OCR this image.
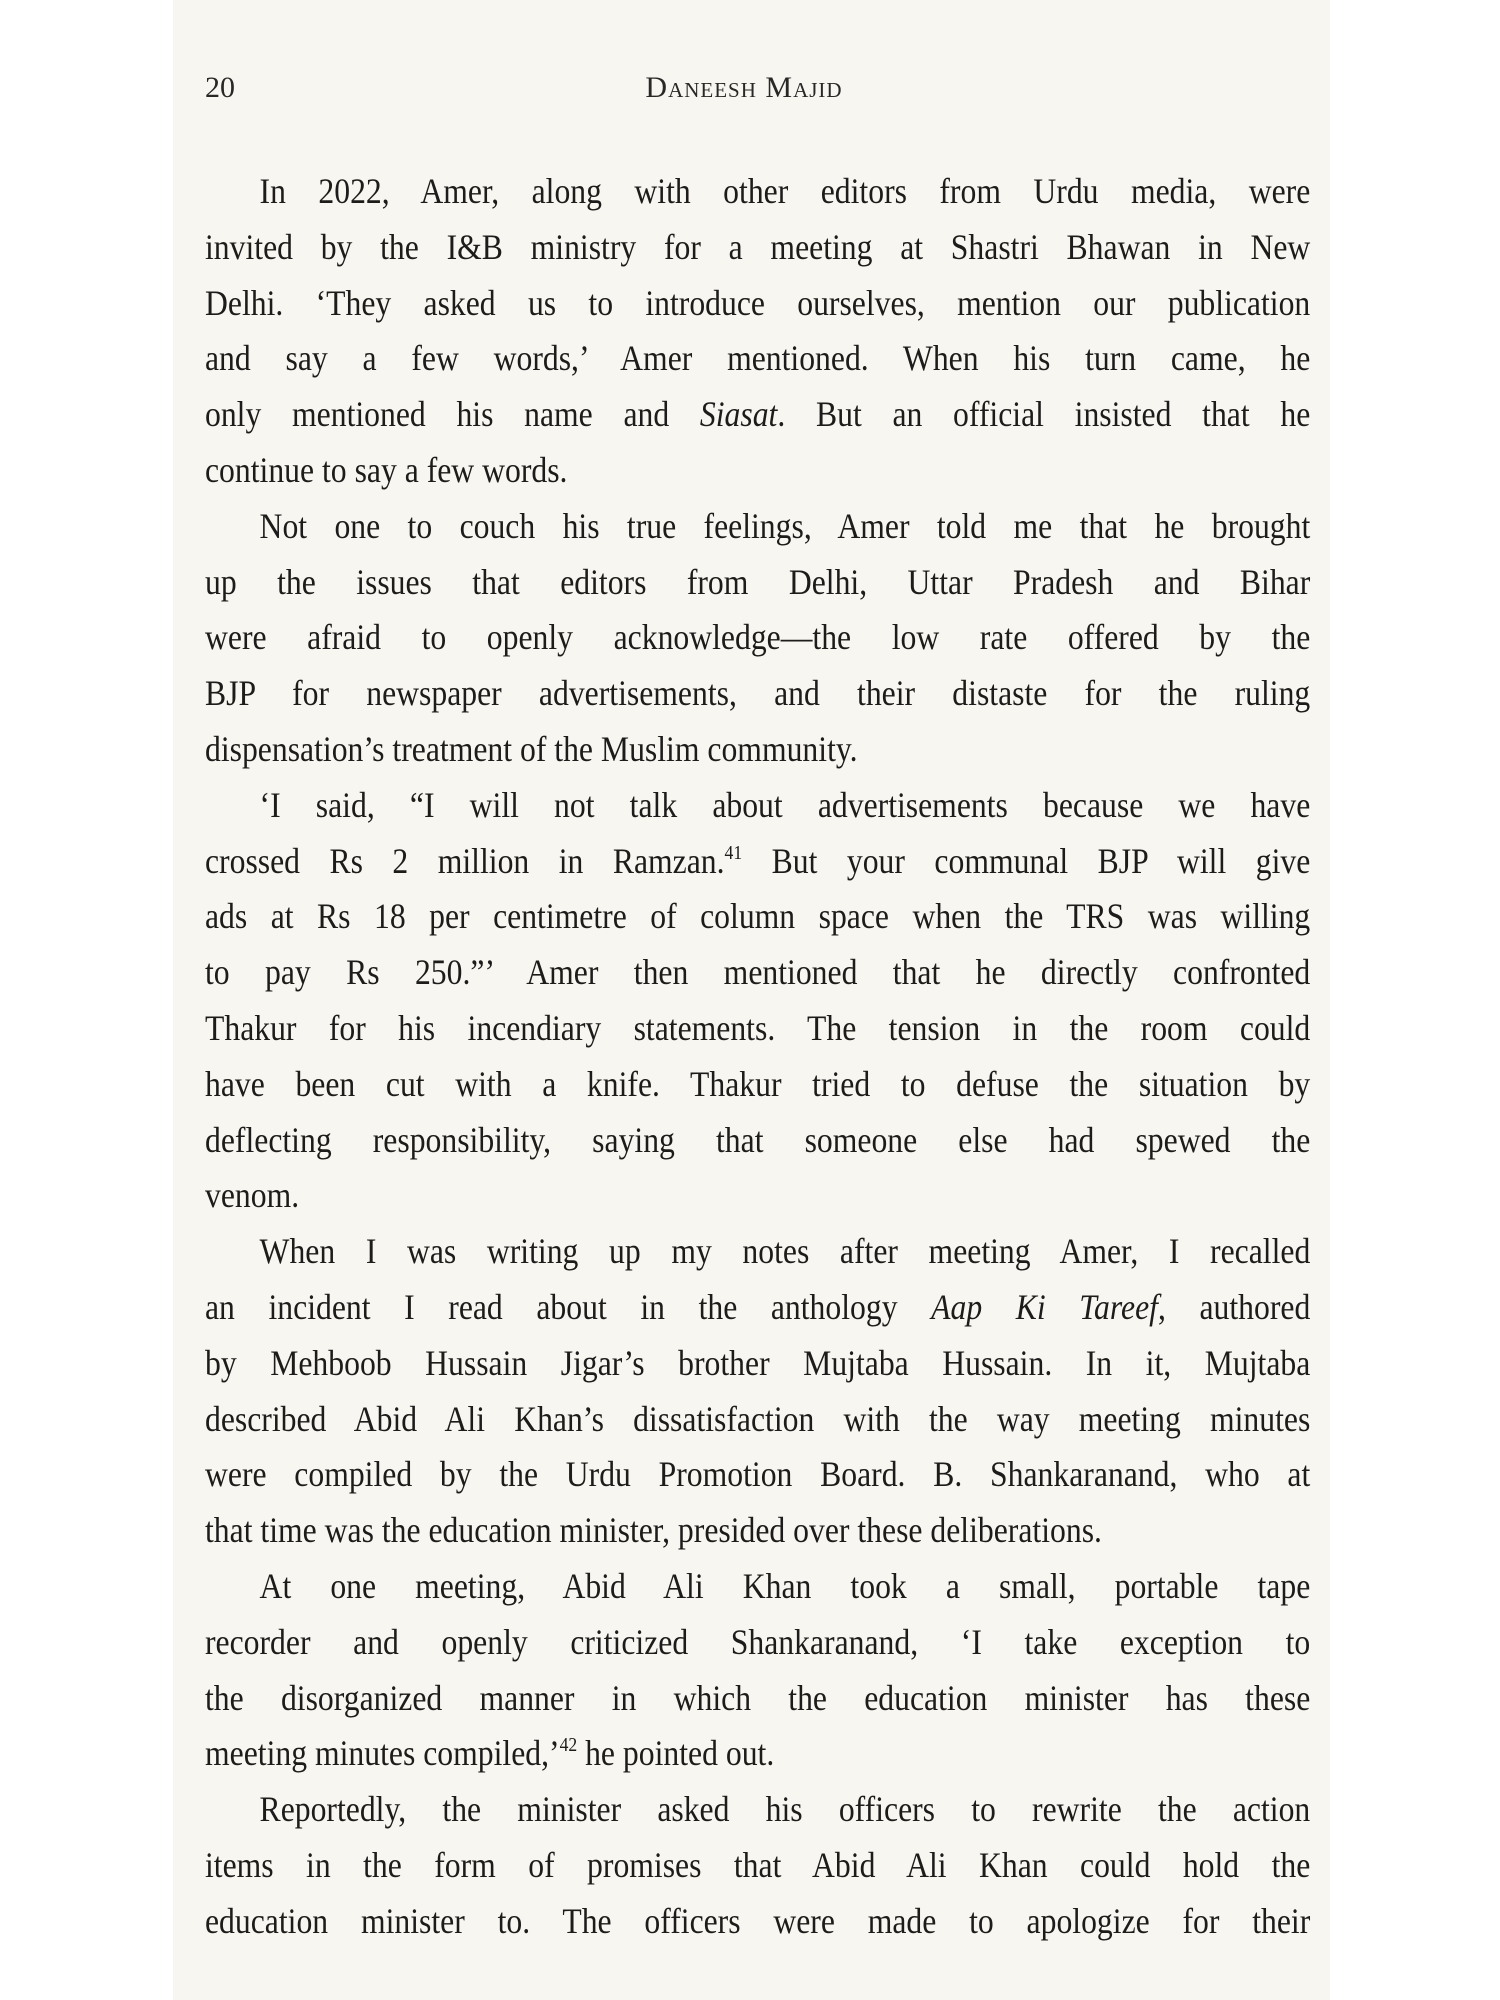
20	Daneesh Majid
In 2022, Amer, along with other editors from Urdu media, were
invited by the I&B ministry for a meeting at Shastri Bhawan in New
Delhi. ‘They asked us to introduce ourselves, mention our publication
and say a few words,’ Amer mentioned. When his turn came, he
only mentioned his name and Siasat. But an official insisted that he
continue to say a few words.
Not one to couch his true feelings, Amer told me that he brought
up the issues that editors from Delhi, Uttar Pradesh and Bihar
were afraid to openly acknowledge—the low rate offered by the
BJP for newspaper advertisements, and their distaste for the ruling
dispensation’s treatment of the Muslim community.
‘I said, “I will not talk about advertisements because we have
crossed Rs 2 million in Ramzan.$^{41}$ But your communal BJP will give
ads at Rs 18 per centimetre of column space when the TRS was willing
to pay Rs 250.”’ Amer then mentioned that he directly confronted
Thakur for his incendiary statements. The tension in the room could
have been cut with a knife. Thakur tried to defuse the situation by
deflecting responsibility, saying that someone else had spewed the
venom.
When I was writing up my notes after meeting Amer, I recalled
an incident I read about in the anthology Aap Ki Tareef, authored
by Mehboob Hussain Jigar’s brother Mujtaba Hussain. In it, Mujtaba
described Abid Ali Khan’s dissatisfaction with the way meeting minutes
were compiled by the Urdu Promotion Board. B. Shankaranand, who at
that time was the education minister, presided over these deliberations.
At one meeting, Abid Ali Khan took a small, portable tape
recorder and openly criticized Shankaranand, ‘I take exception to
the disorganized manner in which the education minister has these
meeting minutes compiled,’$^{42}$ he pointed out.
Reportedly, the minister asked his officers to rewrite the action
items in the form of promises that Abid Ali Khan could hold the
education minister to. The officers were made to apologize for their
